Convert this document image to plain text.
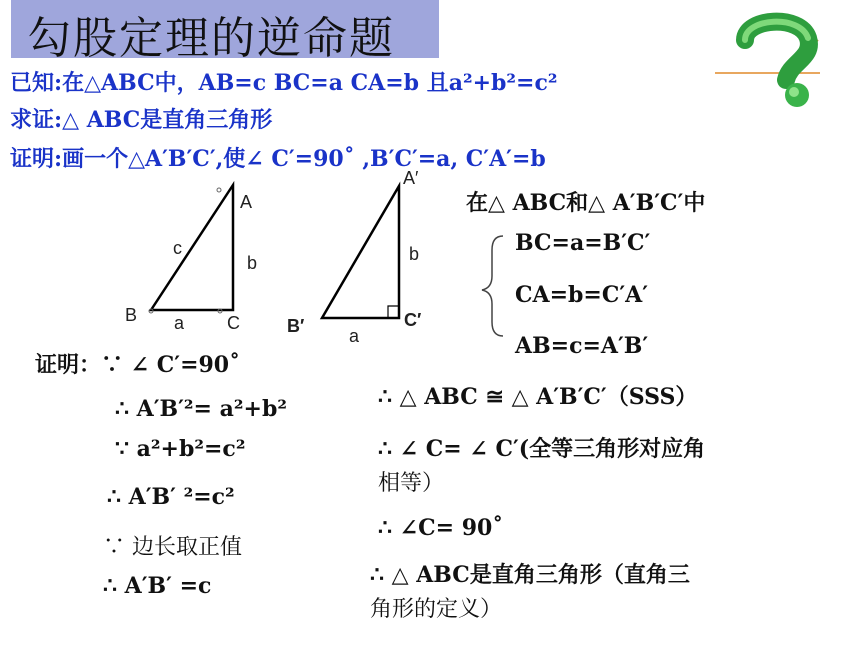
勾股定理的逆命题
已知:在△ABC中，AB=c BC=a CA=b 且a²+b²=c²
求证:△ ABC是直角三角形
证明:画一个△A′B′C′,使∠ C′=90˚ ,B′C′=a, C′A′=b
A
B	C
a
b
c
A′
B′	C′
a
b
在△ ABC和△ A′B′C′中
BC=a=B′C′
CA=b=C′A′
AB=c=A′B′
证明：∵ ∠ C′=90˚
∴ A′B′²= a²+b²
∵ a²+b²=c²
∴ A′B′ ²=c²
∵ 边长取正值
∴ A′B′ =c
∴ △ ABC ≅ △ A′B′C′（SSS）
∴ ∠ C= ∠ C′(全等三角形对应角
相等）
∴ ∠C= 90˚
∴ △ ABC是直角三角形（直角三
角形的定义）
